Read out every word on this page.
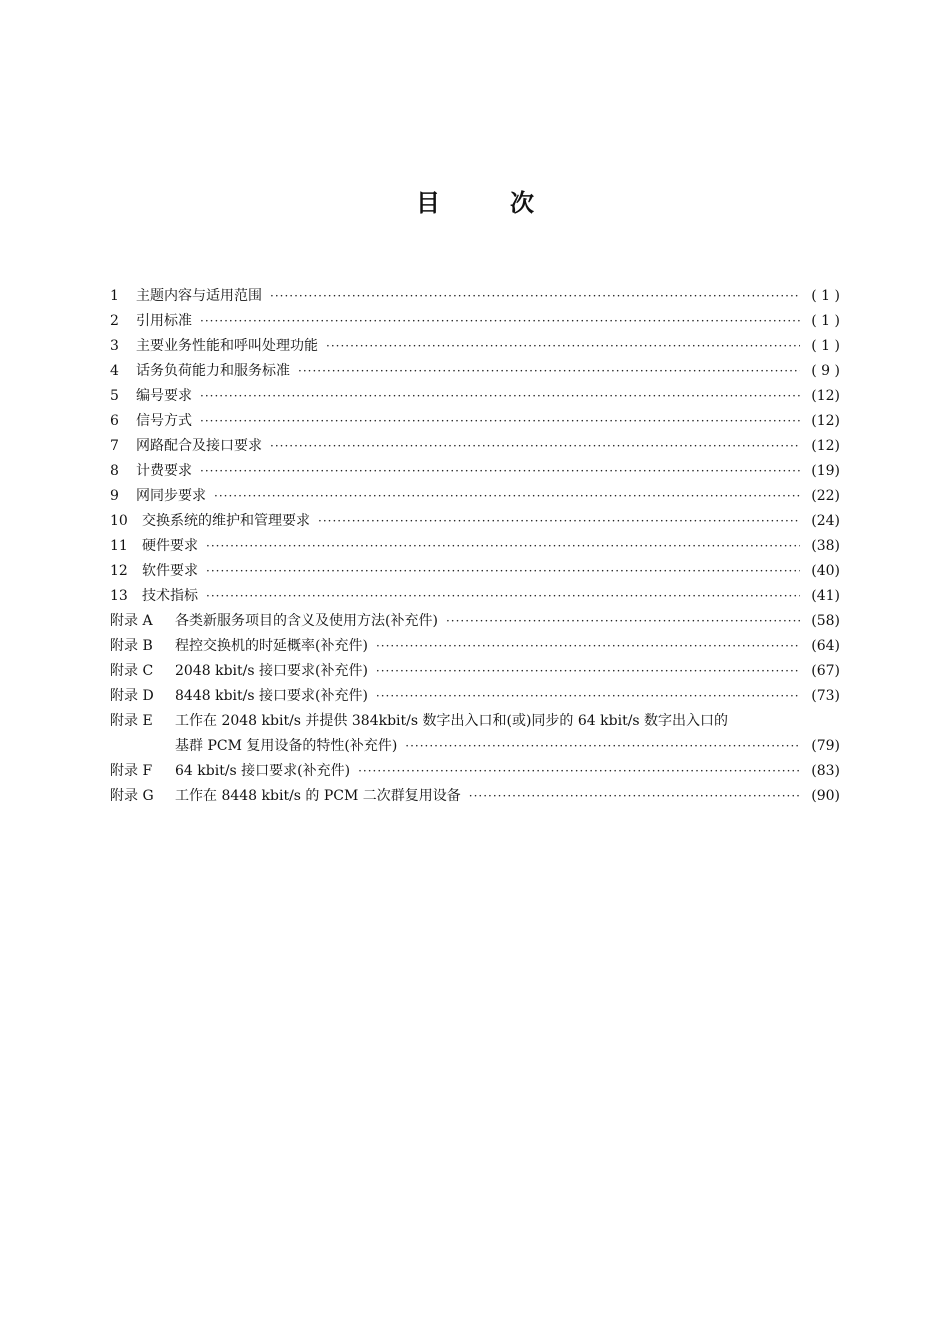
目	次
1	主题内容与适用范围 ·····	( 1 )
2	引用标准 ·····	( 1 )
3	主要业务性能和呼叫处理功能 ·····	( 1 )
4	话务负荷能力和服务标准 ·····	( 9 )
5	编号要求 ·····	(12)
6	信号方式 ·····	(12)
7	网路配合及接口要求 ·····	(12)
8	计费要求 ·····	(19)
9	网同步要求 ·····	(22)
10	交换系统的维护和管理要求 ·····	(24)
11	硬件要求 ·····	(38)
12	软件要求 ·····	(40)
13	技术指标 ·····	(41)
附录 A	各类新服务项目的含义及使用方法(补充件) ·····	(58)
附录 B	程控交换机的时延概率(补充件) ·····	(64)
附录 C	2048 kbit/s 接口要求(补充件) ·····	(67)
附录 D	8448 kbit/s 接口要求(补充件) ·····	(73)
附录 E	工作在 2048 kbit/s 并提供 384kbit/s 数字出入口和(或)同步的 64 kbit/s 数字出入口的
基群 PCM 复用设备的特性(补充件) ·····	(79)
附录 F	64 kbit/s 接口要求(补充件) ·····	(83)
附录 G	工作在 8448 kbit/s 的 PCM 二次群复用设备 ·····	(90)
